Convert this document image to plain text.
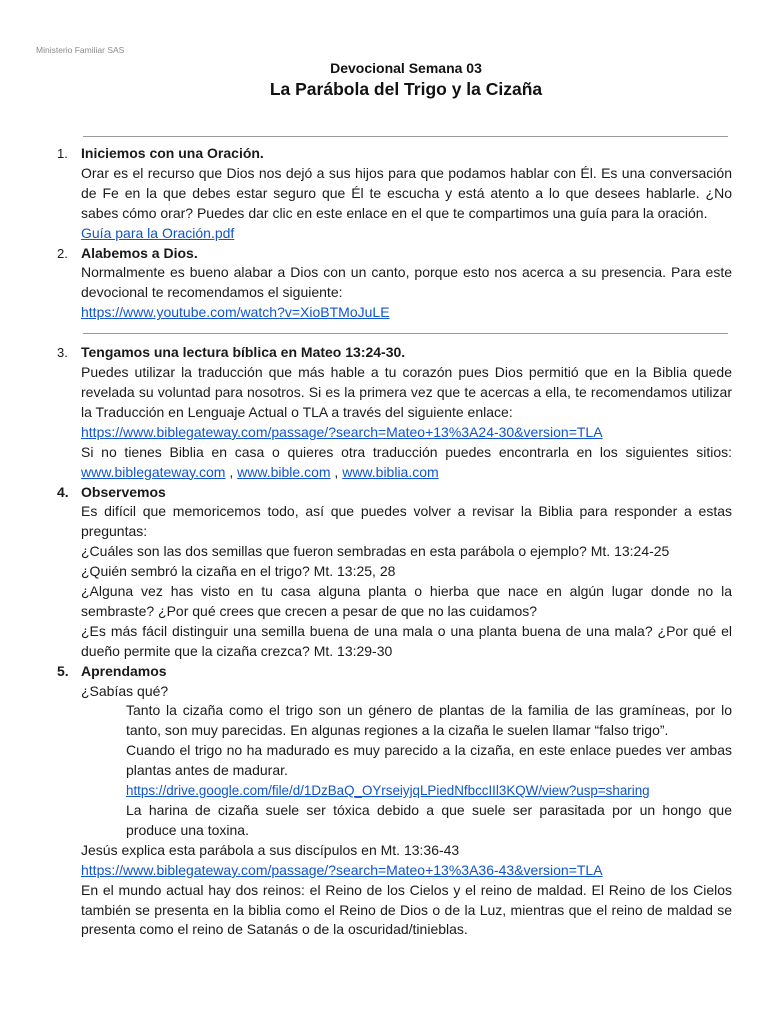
Ministerio Familiar SAS
Devocional Semana 03
La Parábola del Trigo y la Cizaña
1. Iniciemos con una Oración.
Orar es el recurso que Dios nos dejó a sus hijos para que podamos hablar con Él. Es una conversación de Fe en la que debes estar seguro que Él te escucha y está atento a lo que desees hablarle. ¿No sabes cómo orar? Puedes dar clic en este enlace en el que te compartimos una guía para la oración.
Guía para la Oración.pdf
2. Alabemos a Dios.
Normalmente es bueno alabar a Dios con un canto, porque esto nos acerca a su presencia. Para este devocional te recomendamos el siguiente:
https://www.youtube.com/watch?v=XioBTMoJuLE
3. Tengamos una lectura bíblica en Mateo 13:24-30.
Puedes utilizar la traducción que más hable a tu corazón pues Dios permitió que en la Biblia quede revelada su voluntad para nosotros. Si es la primera vez que te acercas a ella, te recomendamos utilizar la Traducción en Lenguaje Actual o TLA a través del siguiente enlace:
https://www.biblegateway.com/passage/?search=Mateo+13%3A24-30&version=TLA
Si no tienes Biblia en casa o quieres otra traducción puedes encontrarla en los siguientes sitios: www.biblegateway.com , www.bible.com , www.biblia.com
4. Observemos
Es difícil que memoricemos todo, así que puedes volver a revisar la Biblia para responder a estas preguntas:
¿Cuáles son las dos semillas que fueron sembradas en esta parábola o ejemplo? Mt. 13:24-25
¿Quién sembró la cizaña en el trigo? Mt. 13:25, 28
¿Alguna vez has visto en tu casa alguna planta o hierba que nace en algún lugar donde no la sembraste? ¿Por qué crees que crecen a pesar de que no las cuidamos?
¿Es más fácil distinguir una semilla buena de una mala o una planta buena de una mala? ¿Por qué el dueño permite que la cizaña crezca? Mt. 13:29-30
5. Aprendamos
¿Sabías qué?
Tanto la cizaña como el trigo son un género de plantas de la familia de las gramíneas, por lo tanto, son muy parecidas. En algunas regiones a la cizaña le suelen llamar “falso trigo”.
Cuando el trigo no ha madurado es muy parecido a la cizaña, en este enlace puedes ver ambas plantas antes de madurar.
https://drive.google.com/file/d/1DzBaQ_OYrseiyjqLPiedNfbccIIl3KQW/view?usp=sharing
La harina de cizaña suele ser tóxica debido a que suele ser parasitada por un hongo que produce una toxina.
Jesús explica esta parábola a sus discípulos en Mt. 13:36-43
https://www.biblegateway.com/passage/?search=Mateo+13%3A36-43&version=TLA
En el mundo actual hay dos reinos: el Reino de los Cielos y el reino de maldad. El Reino de los Cielos también se presenta en la biblia como el Reino de Dios o de la Luz, mientras que el reino de maldad se presenta como el reino de Satanás o de la oscuridad/tinieblas.
